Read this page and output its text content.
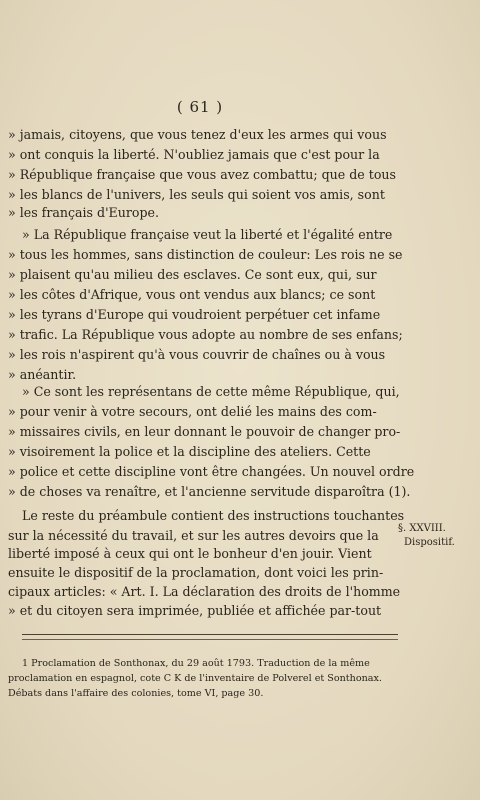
( 61 )
» jamais, citoyens, que vous tenez d'eux les armes qui vous
» ont conquis la liberté. N'oubliez jamais que c'est pour la
» République française que vous avez combattu; que de tous
» les blancs de l'univers, les seuls qui soient vos amis, sont
» les français d'Europe.
» La République française veut la liberté et l'égalité entre
» tous les hommes, sans distinction de couleur: Les rois ne se
» plaisent qu'au milieu des esclaves. Ce sont eux, qui, sur
» les côtes d'Afrique, vous ont vendus aux blancs; ce sont
» les tyrans d'Europe qui voudroient perpétuer cet infame
» trafic. La République vous adopte au nombre de ses enfans;
» les rois n'aspirent qu'à vous couvrir de chaînes ou à vous
» anéantir.
» Ce sont les représentans de cette même République, qui,
» pour venir à votre secours, ont delié les mains des com-
» missaires civils, en leur donnant le pouvoir de changer pro-
» visoirement la police et la discipline des ateliers. Cette
» police et cette discipline vont être changées. Un nouvel ordre
» de choses va renaître, et l'ancienne servitude disparoîtra (1).
Le reste du préambule contient des instructions touchantes
sur la nécessité du travail, et sur les autres devoirs que la
liberté imposé à ceux qui ont le bonheur d'en jouir. Vient
ensuite le dispositif de la proclamation, dont voici les prin-
cipaux articles: « Art. I. La déclaration des droits de l'homme
» et du citoyen sera imprimée, publiée et affichée par-tout
§. XXVIII.
Dispositif.
1 Proclamation de Sonthonax, du 29 août 1793. Traduction de la même
proclamation en espagnol, cote C K de l'inventaire de Polverel et Sonthonax.
Débats dans l'affaire des colonies, tome VI, page 30.
